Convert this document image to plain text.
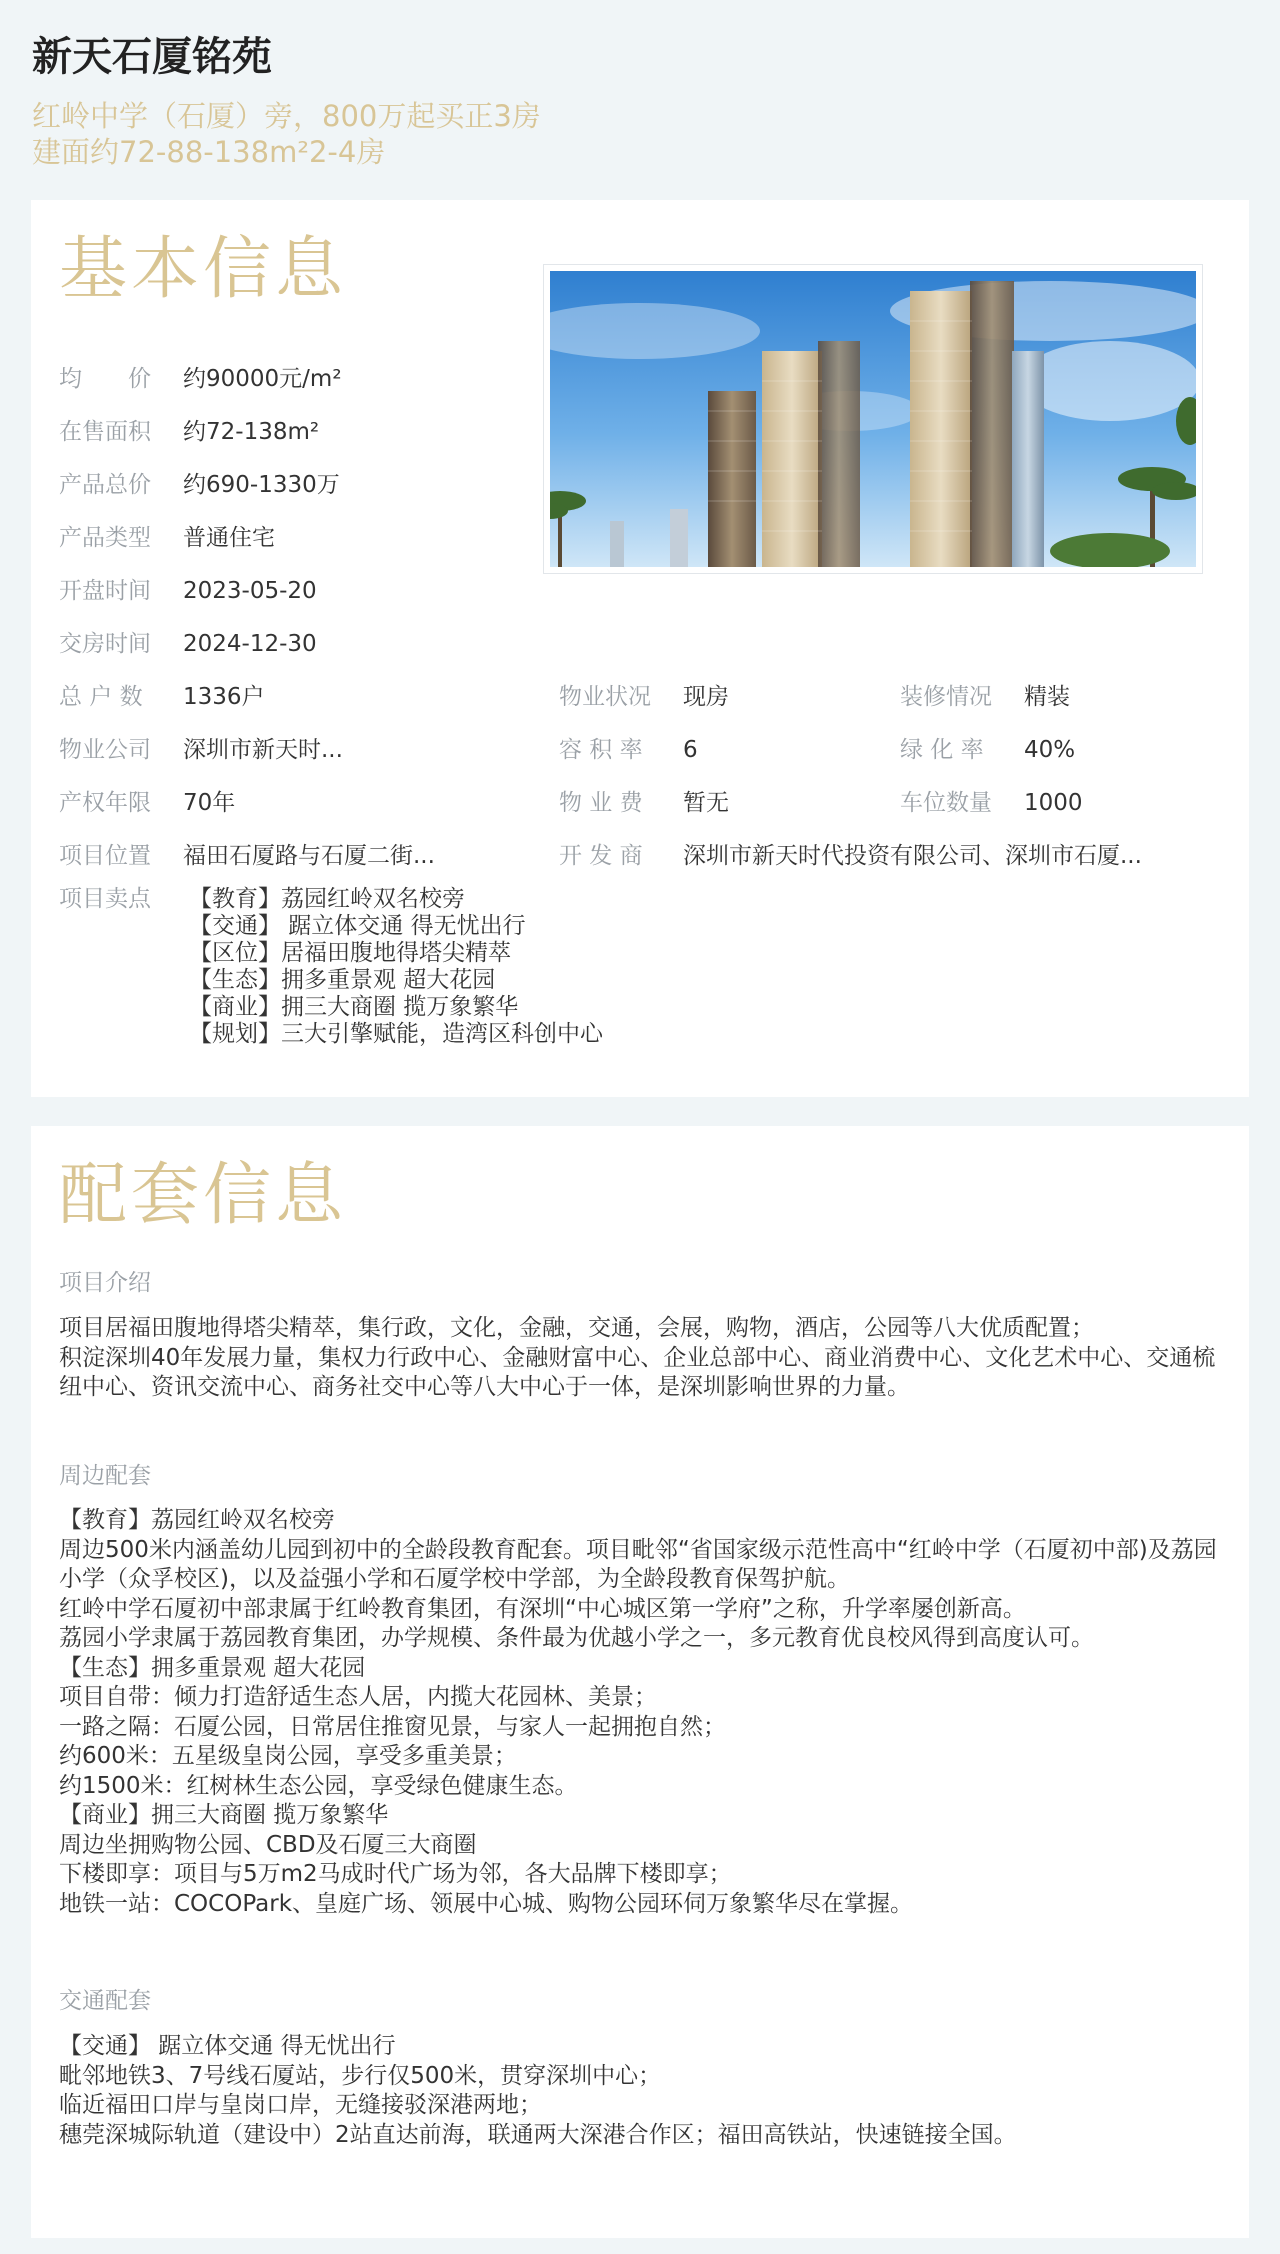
新天石厦铭苑
红岭中学（石厦）旁，800万起买正3房
建面约72-88-138m²2-4房
基本信息
均　　价 约90000元/m²
在售面积 约72-138m²
产品总价 约690-1330万
产品类型 普通住宅
开盘时间 2023-05-20
交房时间 2024-12-30
总 户 数 1336户
物业公司 深圳市新天时...
产权年限 70年
项目位置 福田石厦路与石厦二街...
物业状况 现房
容 积 率 6
物 业 费 暂无
开 发 商 深圳市新天时代投资有限公司、深圳市石厦...
装修情况 精装
绿 化 率 40%
车位数量 1000
项目卖点	【教育】荔园红岭双名校旁
【交通】 踞立体交通 得无忧出行
【区位】居福田腹地得塔尖精萃
【生态】拥多重景观 超大花园
【商业】拥三大商圈 揽万象繁华
【规划】三大引擎赋能，造湾区科创中心
配套信息
项目介绍

项目居福田腹地得塔尖精萃，集行政，文化，金融，交通，会展，购物，酒店，公园等八大优质配置；

积淀深圳40年发展力量，集权力行政中心、金融财富中心、企业总部中心、商业消费中心、文化艺术中心、交通梳纽中心、资讯交流中心、商务社交中心等八大中心于一体，是深圳影响世界的力量。

周边配套

【教育】荔园红岭双名校旁

周边500米内涵盖幼儿园到初中的全龄段教育配套。项目毗邻“省国家级示范性高中“红岭中学（石厦初中部)及荔园小学（众孚校区)，以及益强小学和石厦学校中学部，为全龄段教育保驾护航。

红岭中学石厦初中部隶属于红岭教育集团，有深圳“中心城区第一学府”之称，升学率屡创新高。

荔园小学隶属于荔园教育集团，办学规模、条件最为优越小学之一，多元教育优良校风得到高度认可。

【生态】拥多重景观 超大花园

项目自带：倾力打造舒适生态人居，内揽大花园林、美景；

一路之隔：石厦公园，日常居住推窗见景，与家人一起拥抱自然；

约600米：五星级皇岗公园，享受多重美景；

约1500米：红树林生态公园，享受绿色健康生态。

【商业】拥三大商圈 揽万象繁华

周边坐拥购物公园、CBD及石厦三大商圈

下楼即享：项目与5万m2马成时代广场为邻，各大品牌下楼即享；

地铁一站：COCOPark、皇庭广场、领展中心城、购物公园环伺万象繁华尽在掌握。

交通配套

【交通】 踞立体交通 得无忧出行

毗邻地铁3、7号线石厦站，步行仅500米，贯穿深圳中心；

临近福田口岸与皇岗口岸，无缝接驳深港两地；

穗莞深城际轨道（建设中）2站直达前海，联通两大深港合作区；福田高铁站，快速链接全国。
